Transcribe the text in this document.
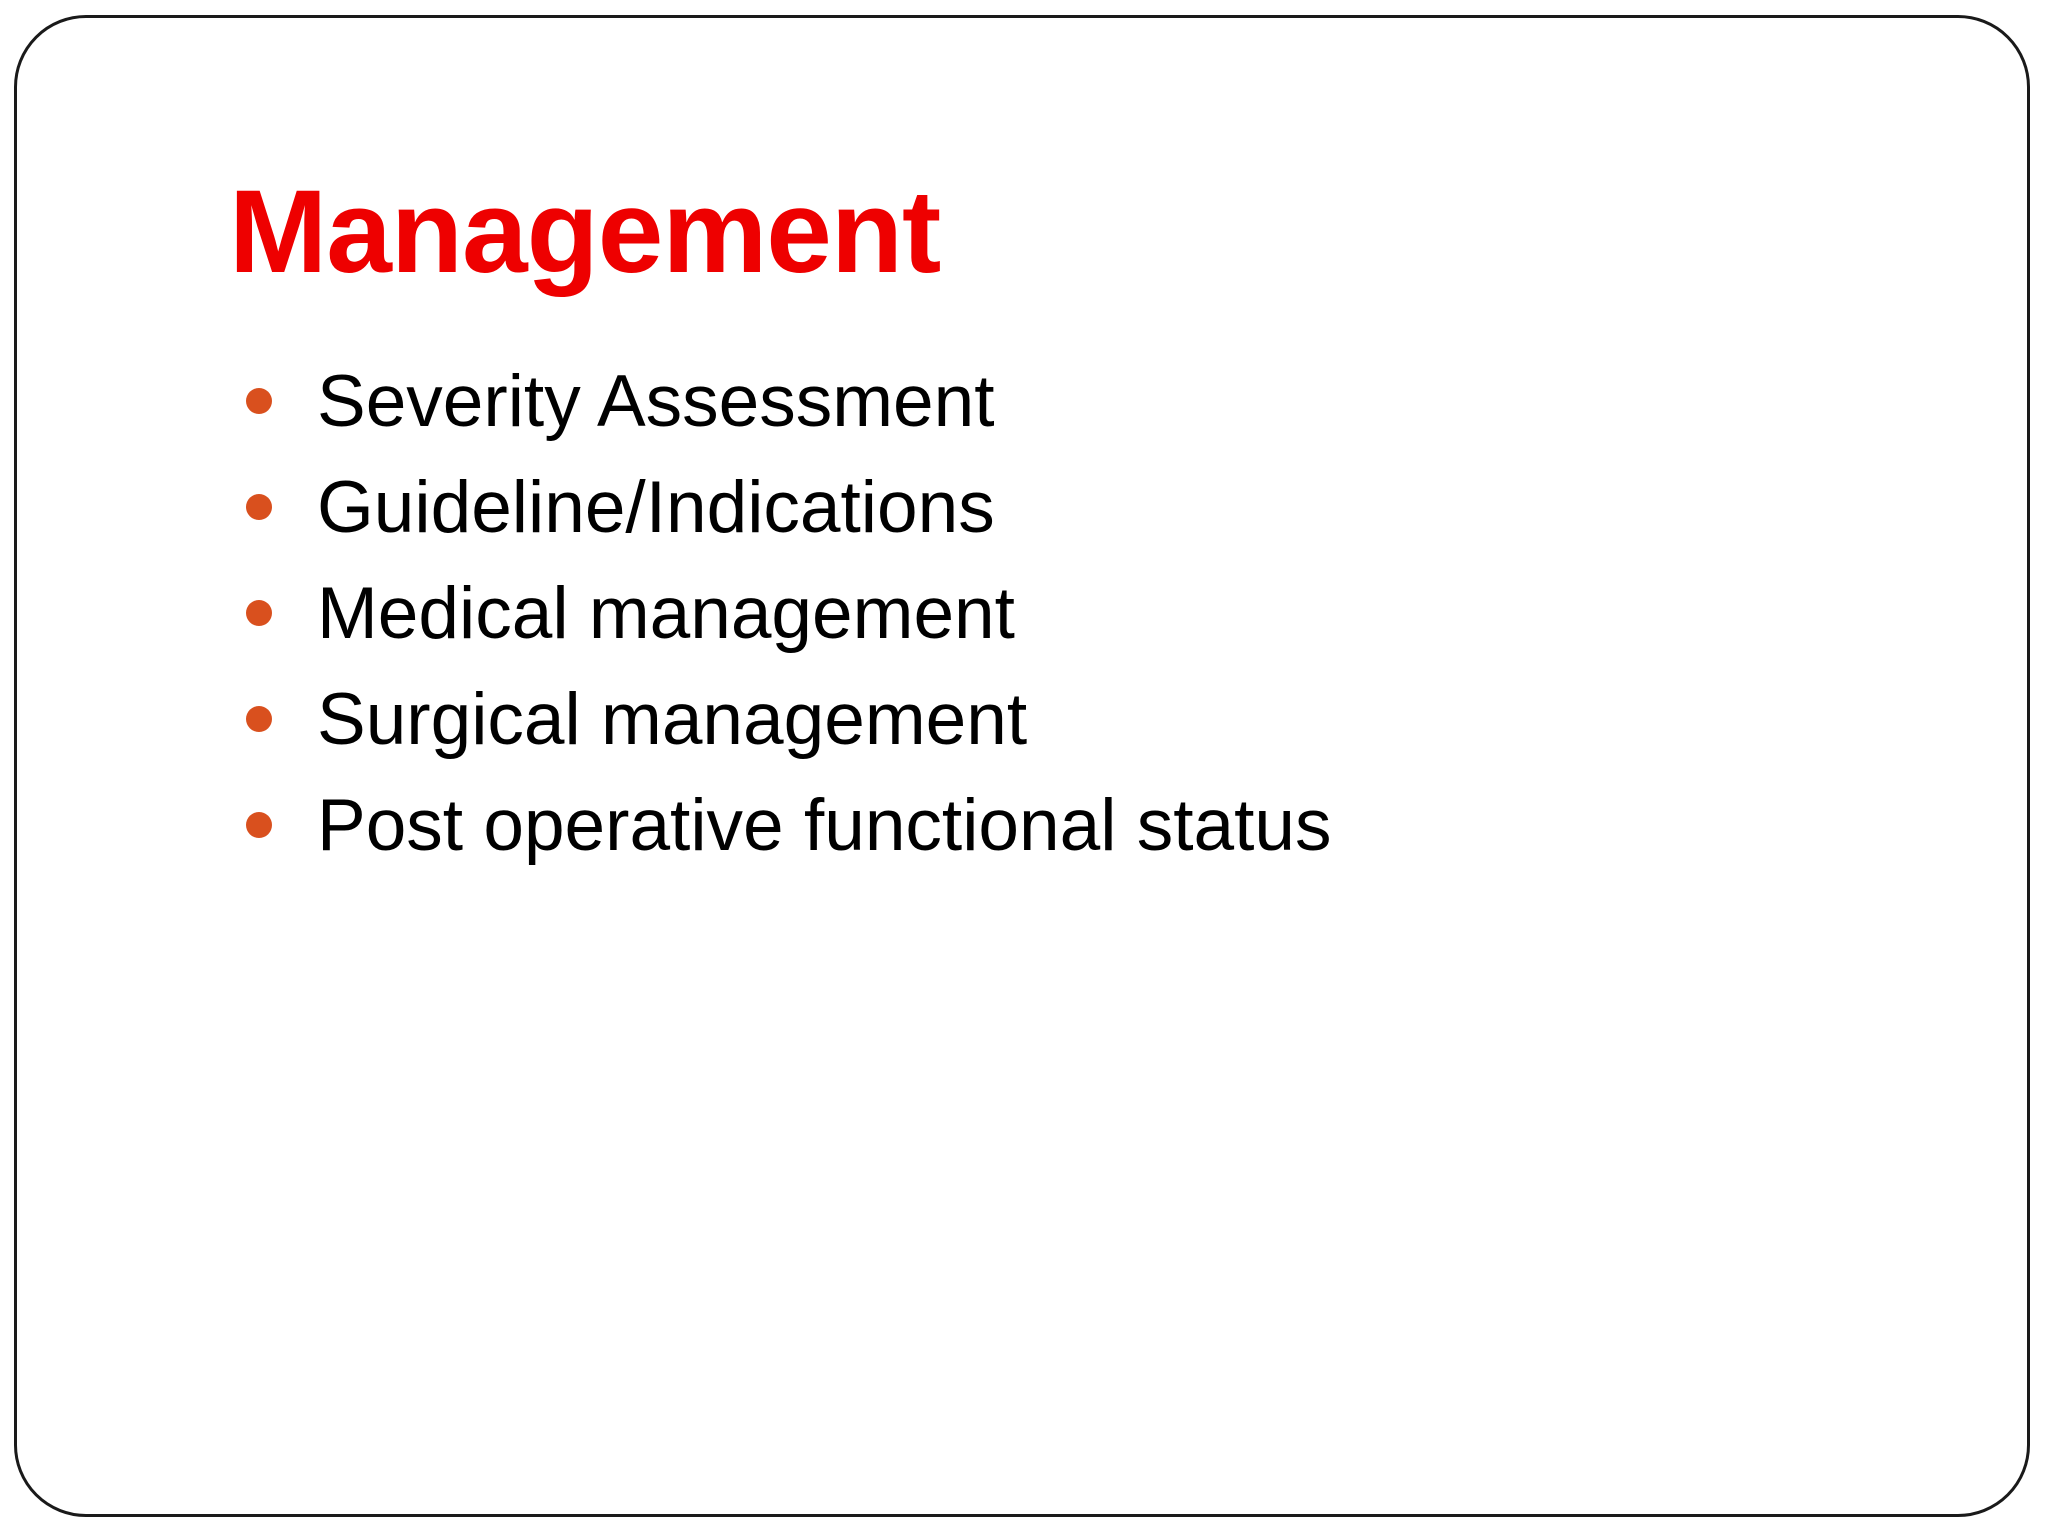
Management
Severity Assessment
Guideline/Indications
Medical management
Surgical management
Post operative functional status
